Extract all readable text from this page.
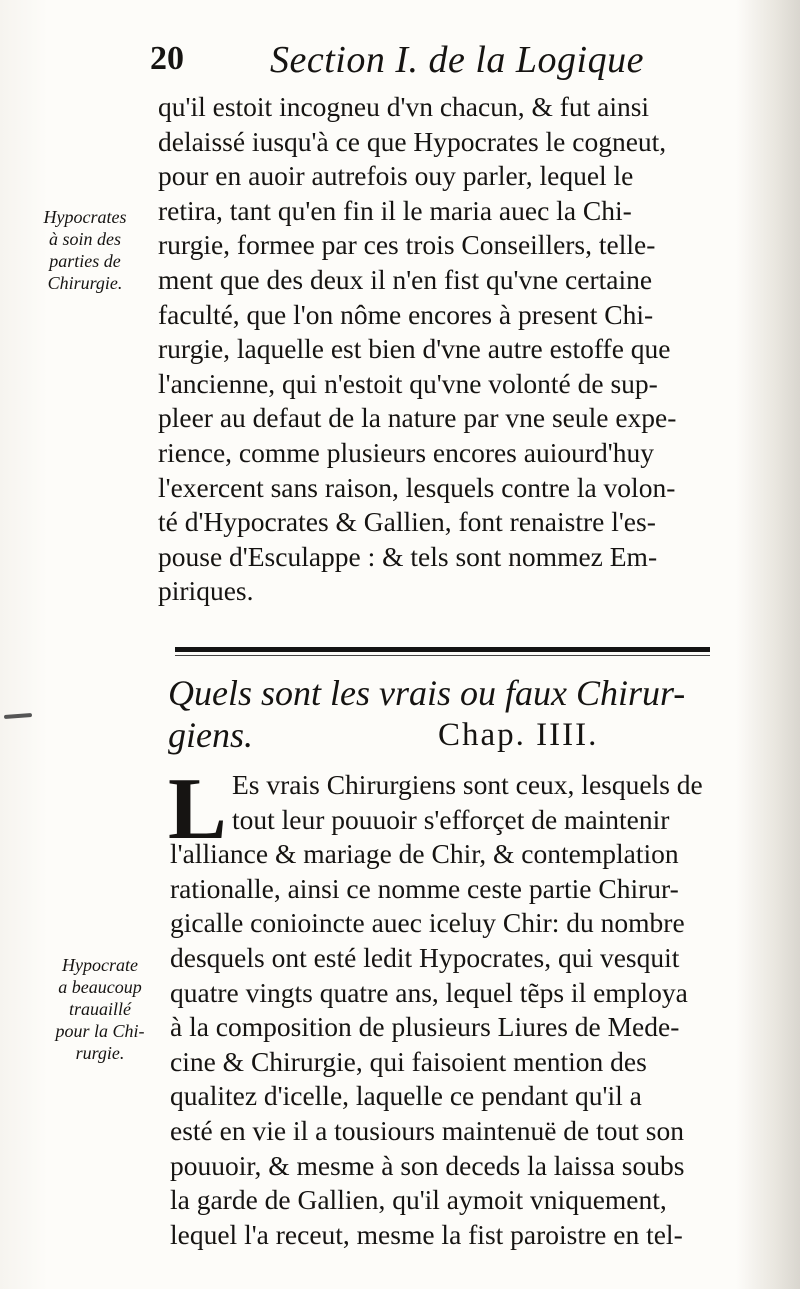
20 Section I. de la Logique
qu'il estoit incogneu d'vn chacun, & fut ainsi
delaissé iusqu'à ce que Hypocrates le cogneut,
pour en auoir autrefois ouy parler, lequel le
retira, tant qu'en fin il le maria auec la Chi-
rurgie, formee par ces trois Conseillers, telle-
ment que des deux il n'en fist qu'vne certaine
faculté, que l'on nôme encores à present Chi-
rurgie, laquelle est bien d'vne autre estoffe que
l'ancienne, qui n'estoit qu'vne volonté de sup-
pleer au defaut de la nature par vne seule expe-
rience, comme plusieurs encores auiourd'huy
l'exercent sans raison, lesquels contre la volon-
té d'Hypocrates & Gallien, font renaistre l'es-
pouse d'Esculappe : & tels sont nommez Em-
piriques.
Hypocrates
à soin des
parties de
Chirurgie.
Quels sont les vrais ou faux Chirur-
giens.	Chap. IIII.
L Es vrais Chirurgiens sont ceux, lesquels de
tout leur pouuoir s'efforçet de maintenir
l'alliance & mariage de Chir, & contemplation
rationalle, ainsi ce nomme ceste partie Chirur-
gicalle conioincte auec iceluy Chir: du nombre
desquels ont esté ledit Hypocrates, qui vesquit
quatre vingts quatre ans, lequel tẽps il employa
à la composition de plusieurs Liures de Mede-
cine & Chirurgie, qui faisoient mention des
qualitez d'icelle, laquelle ce pendant qu'il a
esté en vie il a tousiours maintenuë de tout son
pouuoir, & mesme à son deceds la laissa soubs
la garde de Gallien, qu'il aymoit vniquement,
lequel l'a receut, mesme la fist paroistre en tel-
Hypocrate
a beaucoup
trauaillé
pour la Chi-
rurgie.
